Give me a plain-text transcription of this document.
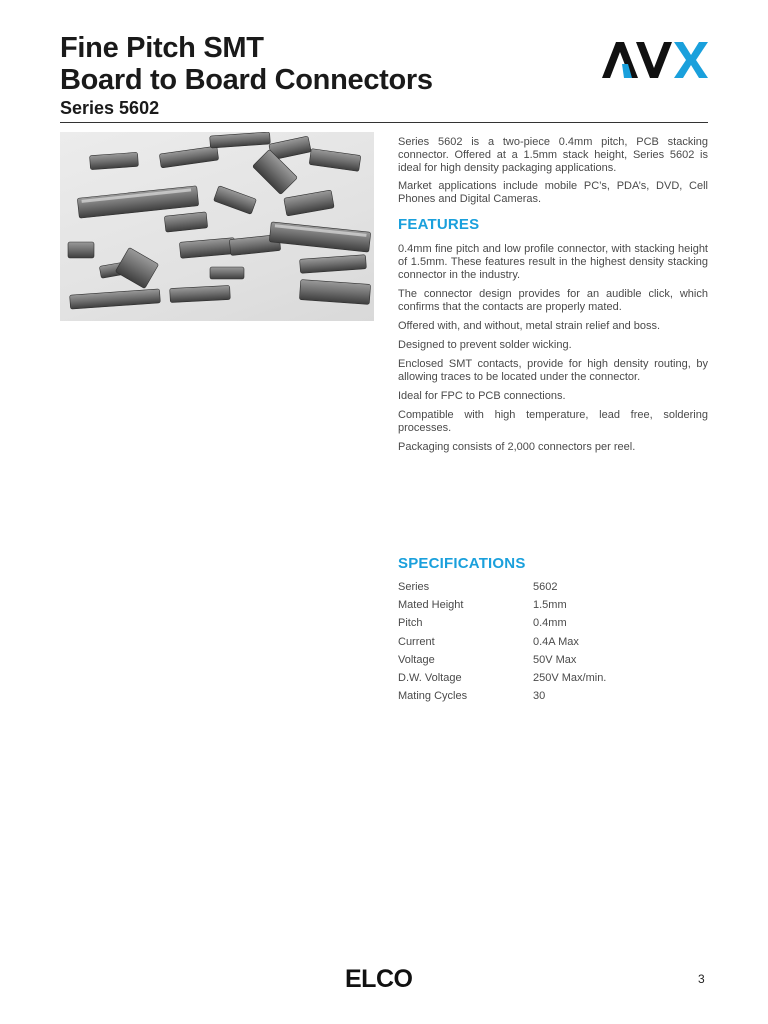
Fine Pitch SMT
Board to Board Connectors
Series 5602

Series 5602 is a two-piece 0.4mm pitch, PCB stacking connector. Offered at a 1.5mm stack height, Series 5602 is ideal for high density packaging applications.

Market applications include mobile PC’s, PDA’s, DVD, Cell Phones and Digital Cameras.

FEATURES

0.4mm fine pitch and low profile connector, with stacking height of 1.5mm. These features result in the highest density stacking connector in the industry.

The connector design provides for an audible click, which confirms that the contacts are properly mated.

Offered with, and without, metal strain relief and boss.

Designed to prevent solder wicking.

Enclosed SMT contacts, provide for high density routing, by allowing traces to be located under the connector.

Ideal for FPC to PCB connections.

Compatible with high temperature, lead free, soldering processes.

Packaging consists of 2,000 connectors per reel.

SPECIFICATIONS
Series	5602
Mated Height	1.5mm
Pitch	0.4mm
Current	0.4A Max
Voltage	50V Max
D.W. Voltage	250V Max/min.
Mating Cycles	30
ELCO	3
